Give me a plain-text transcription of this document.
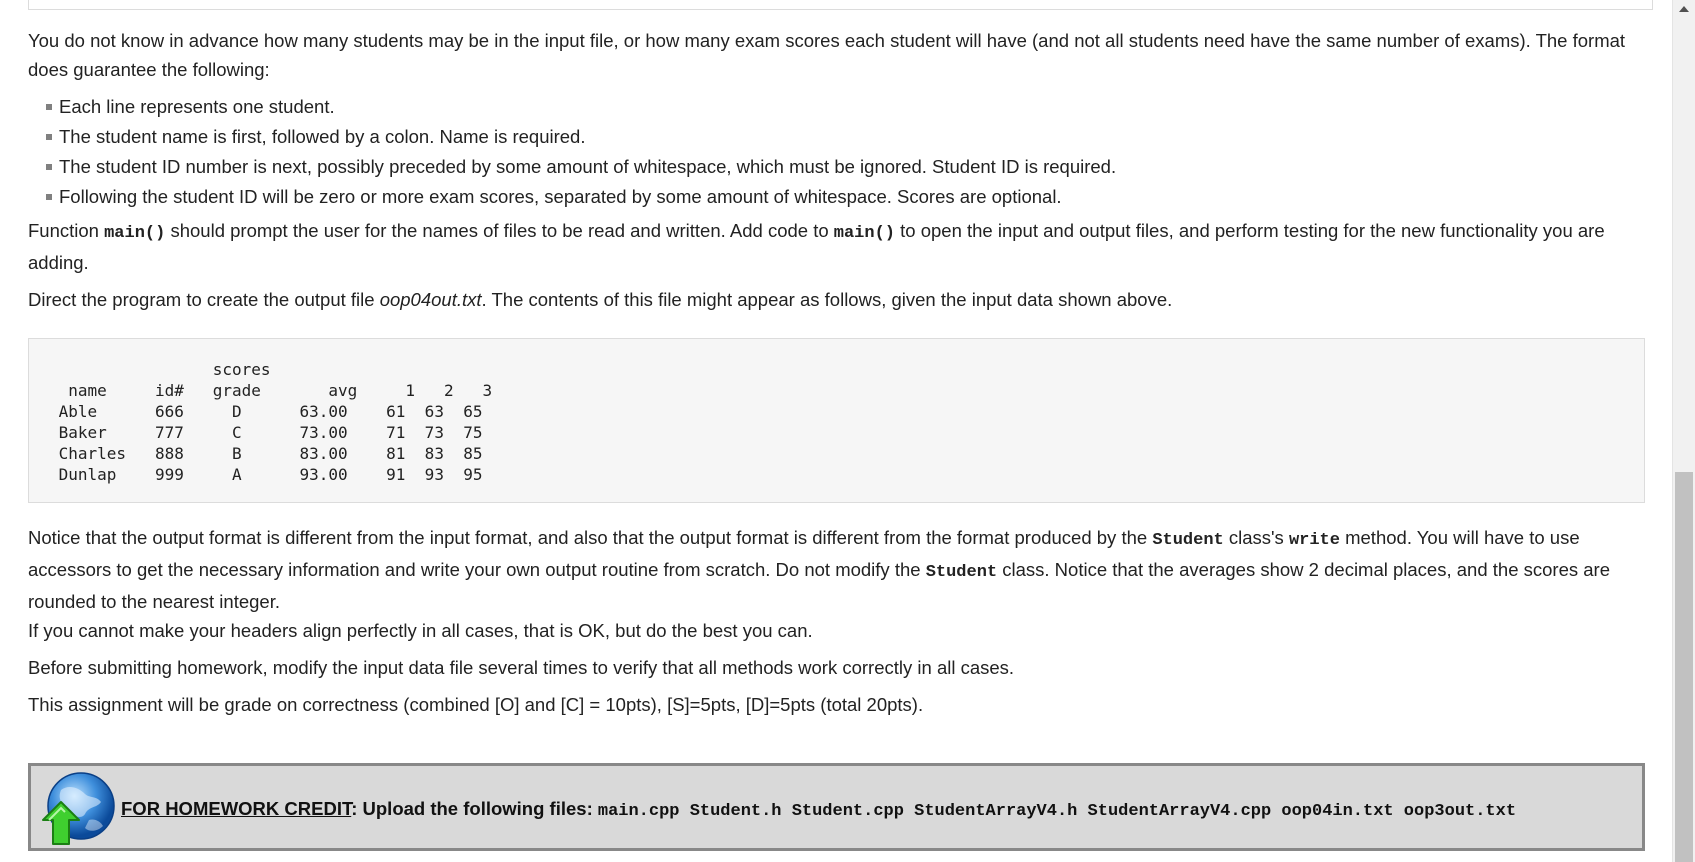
You do not know in advance how many students may be in the input file, or how many exam scores each student will have (and not all students need have the same number of exams). The format does guarantee the following:

Each line represents one student.
The student name is first, followed by a colon. Name is required.
The student ID number is next, possibly preceded by some amount of whitespace, which must be ignored. Student ID is required.
Following the student ID will be zero or more exam scores, separated by some amount of whitespace. Scores are optional.

Function main() should prompt the user for the names of files to be read and written. Add code to main() to open the input and output files, and perform testing for the new functionality you are adding.

Direct the program to create the output file oop04out.txt. The contents of this file might appear as follows, given the input data shown above.

scores
name     id#   grade       avg     1   2   3
Able      666     D      63.00    61  63  65
Baker     777     C      73.00    71  73  75
Charles   888     B      83.00    81  83  85
Dunlap    999     A      93.00    91  93  95

Notice that the output format is different from the input format, and also that the output format is different from the format produced by the Student class's write method. You will have to use accessors to get the necessary information and write your own output routine from scratch. Do not modify the Student class. Notice that the averages show 2 decimal places, and the scores are rounded to the nearest integer.

If you cannot make your headers align perfectly in all cases, that is OK, but do the best you can.

Before submitting homework, modify the input data file several times to verify that all methods work correctly in all cases.

This assignment will be grade on correctness (combined [O] and [C] = 10pts), [S]=5pts, [D]=5pts (total 20pts).

FOR HOMEWORK CREDIT: Upload the following files: main.cpp Student.h Student.cpp StudentArrayV4.h StudentArrayV4.cpp oop04in.txt oop3out.txt
